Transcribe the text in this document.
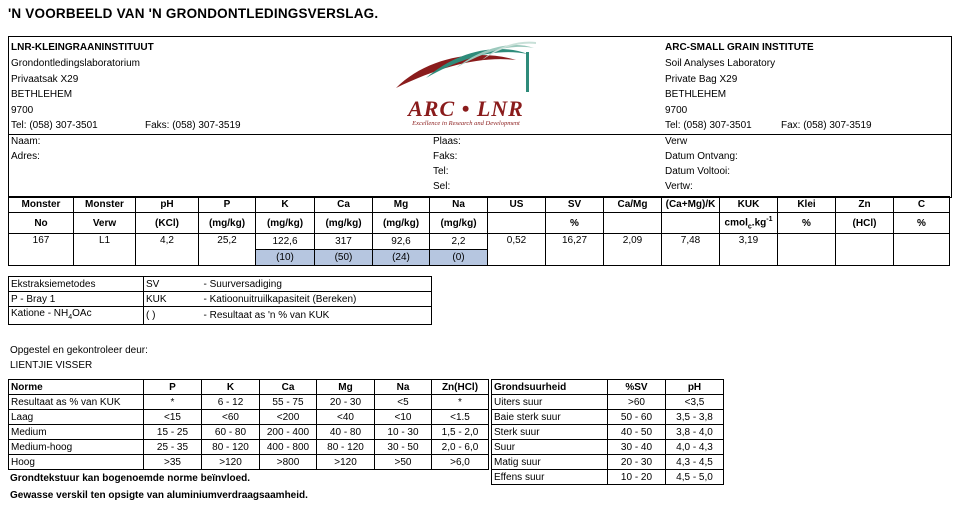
'N VOORBEELD VAN 'N GRONDONTLEDINGSVERSLAG.
LNR-KLEINGRAANINSTITUUT
Grondontledingslaboratorium
Privaatsak X29
BETHLEHEM
9700
Tel: (058) 307-3501	Faks: (058) 307-3519
ARC-SMALL GRAIN INSTITUTE
Soil Analyses Laboratory
Private Bag X29
BETHLEHEM
9700
Tel: (058) 307-3501	Fax: (058) 307-3519
Naam:
Adres:
Plaas:
Faks:
Tel:
Sel:
Verw
Datum Ontvang:
Datum Voltooi:
Vertw:
ARC • LNR
Excellence in Research and Development
Monster	Monster	pH	P	K	Ca	Mg	Na	US	SV	Ca/Mg	(Ca+Mg)/K	KUK	Klei	Zn	C
No	Verw	(KCl)	(mg/kg)	(mg/kg)	(mg/kg)	(mg/kg)	(mg/kg)		%			$cmol_c.kg^{-1}$	%	(HCl)	%
167	L1	4,2	25,2	122,6	317	92,6	2,2	0,52	16,27	2,09	7,48	3,19			
				(10)	(50)	(24)	(0)								
Ekstraksiemetodes	SV	- Suurversadiging
P - Bray 1	KUK	- Katioonuitruilkapasiteit (Bereken)
Katione - $NH_4OAc$	( )	- Resultaat as 'n % van KUK
Opgestel en gekontroleer deur:
LIENTJIE VISSER
Norme	P	K	Ca	Mg	Na	Zn(HCl)
Resultaat as % van KUK	*	6 - 12	55 - 75	20 - 30	<5	*
Laag	<15	<60	<200	<40	<10	<1.5
Medium	15 - 25	60 - 80	200 - 400	40 - 80	10 - 30	1,5 - 2,0
Medium-hoog	25 - 35	80 - 120	400 - 800	80 - 120	30 - 50	2,0 - 6,0
Hoog	>35	>120	>800	>120	>50	>6,0
Grondsuurheid	%SV	pH
Uiters suur	>60	<3,5
Baie sterk suur	50 - 60	3,5 - 3,8
Sterk suur	40 - 50	3,8 - 4,0
Suur	30 - 40	4,0 - 4,3
Matig suur	20 - 30	4,3 - 4,5
Effens suur	10 - 20	4,5 - 5,0
Grondtekstuur kan bogenoemde norme beïnvloed.
Gewasse verskil ten opsigte van aluminiumverdraagsaamheid.
